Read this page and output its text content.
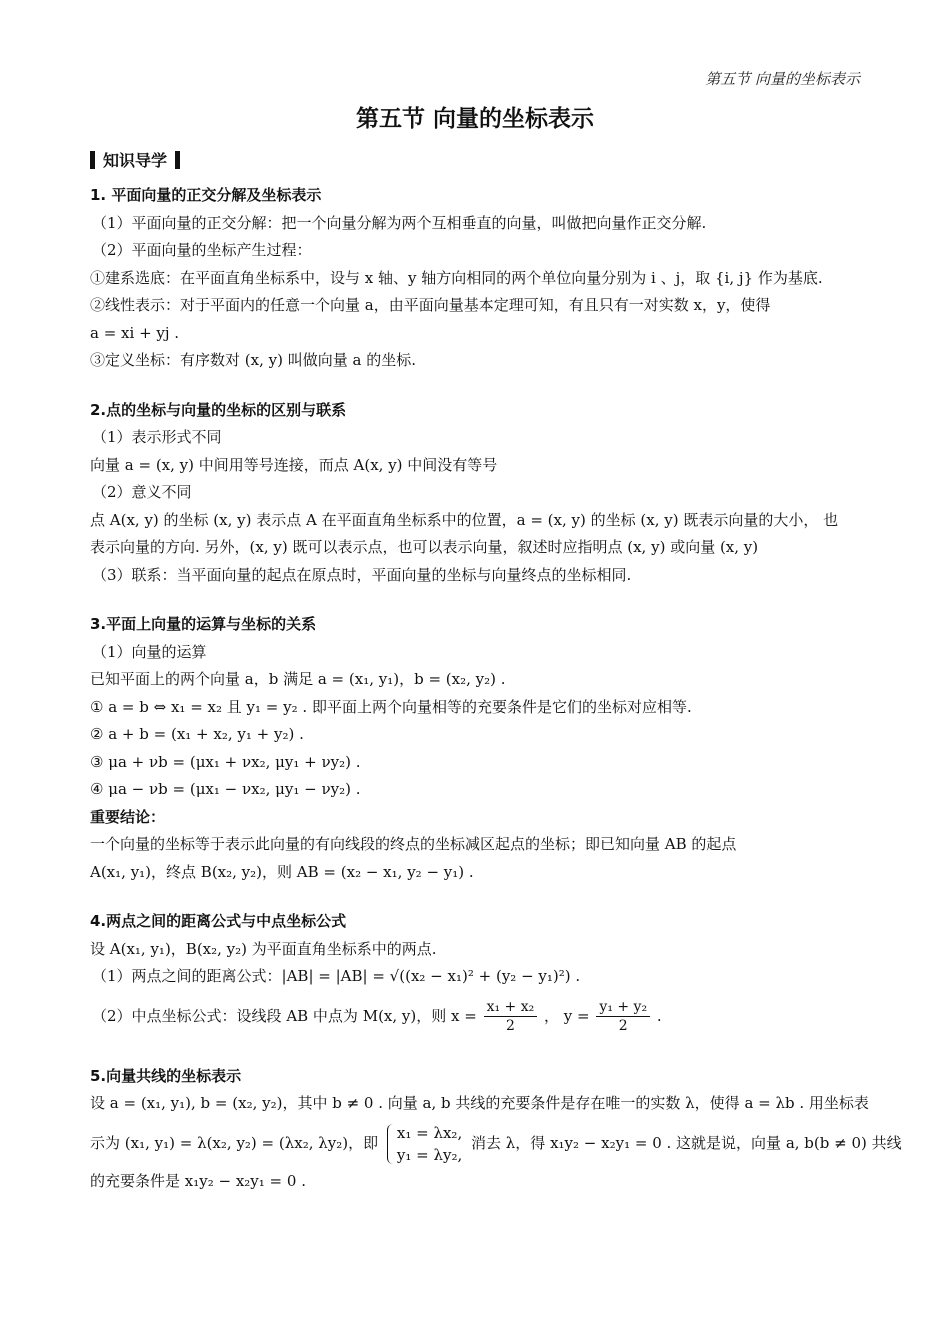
第五节 向量的坐标表示
第五节 向量的坐标表示
知识导学
1. 平面向量的正交分解及坐标表示
（1）平面向量的正交分解：把一个向量分解为两个互相垂直的向量，叫做把向量作正交分解.
（2）平面向量的坐标产生过程：
①建系选底：在平面直角坐标系中，设与 x 轴、y 轴方向相同的两个单位向量分别为 i 、j，取 {i, j} 作为基底.
②线性表示：对于平面内的任意一个向量 a，由平面向量基本定理可知，有且只有一对实数 x，y，使得
a = xi + yj .
③定义坐标：有序数对 (x, y) 叫做向量 a 的坐标.
2.点的坐标与向量的坐标的区别与联系
（1）表示形式不同
向量 a = (x, y) 中间用等号连接，而点 A(x, y) 中间没有等号
（2）意义不同
点 A(x, y) 的坐标 (x, y) 表示点 A 在平面直角坐标系中的位置，a = (x, y) 的坐标 (x, y) 既表示向量的大小， 也
表示向量的方向. 另外，(x, y) 既可以表示点，也可以表示向量，叙述时应指明点 (x, y) 或向量 (x, y)
（3）联系：当平面向量的起点在原点时，平面向量的坐标与向量终点的坐标相同.
3.平面上向量的运算与坐标的关系
（1）向量的运算
已知平面上的两个向量 a，b 满足 a = (x₁, y₁)，b = (x₂, y₂) .
① a = b ⇔ x₁ = x₂ 且 y₁ = y₂ . 即平面上两个向量相等的充要条件是它们的坐标对应相等.
② a + b = (x₁ + x₂, y₁ + y₂) .
③ μa + νb = (μx₁ + νx₂, μy₁ + νy₂) .
④ μa − νb = (μx₁ − νx₂, μy₁ − νy₂) .
重要结论：
一个向量的坐标等于表示此向量的有向线段的终点的坐标减区起点的坐标；即已知向量 AB 的起点
A(x₁, y₁)，终点 B(x₂, y₂)，则 AB = (x₂ − x₁, y₂ − y₁) .
4.两点之间的距离公式与中点坐标公式
设 A(x₁, y₁)，B(x₂, y₂) 为平面直角坐标系中的两点.
（1）两点之间的距离公式：|AB| = |AB| = √((x₂ − x₁)² + (y₂ − y₁)²) .
（2）中点坐标公式：设线段 AB 中点为 M(x, y)，则 $x = \frac{\text{x₁ + x₂}}{2}$ ， $y = \frac{\text{y₁ + y₂}}{2}$ .
5.向量共线的坐标表示
设 a = (x₁, y₁), b = (x₂, y₂)，其中 b ≠ 0 . 向量 a, b 共线的充要条件是存在唯一的实数 λ，使得 a = λb . 用坐标表
示为 (x₁, y₁) = λ(x₂, y₂) = (λx₂, λy₂)，即
x₁ = λx₂,
y₁ = λy₂,
消去 λ，得 x₁y₂ − x₂y₁ = 0 . 这就是说，向量 a, b(b ≠ 0) 共线
的充要条件是 x₁y₂ − x₂y₁ = 0 .
